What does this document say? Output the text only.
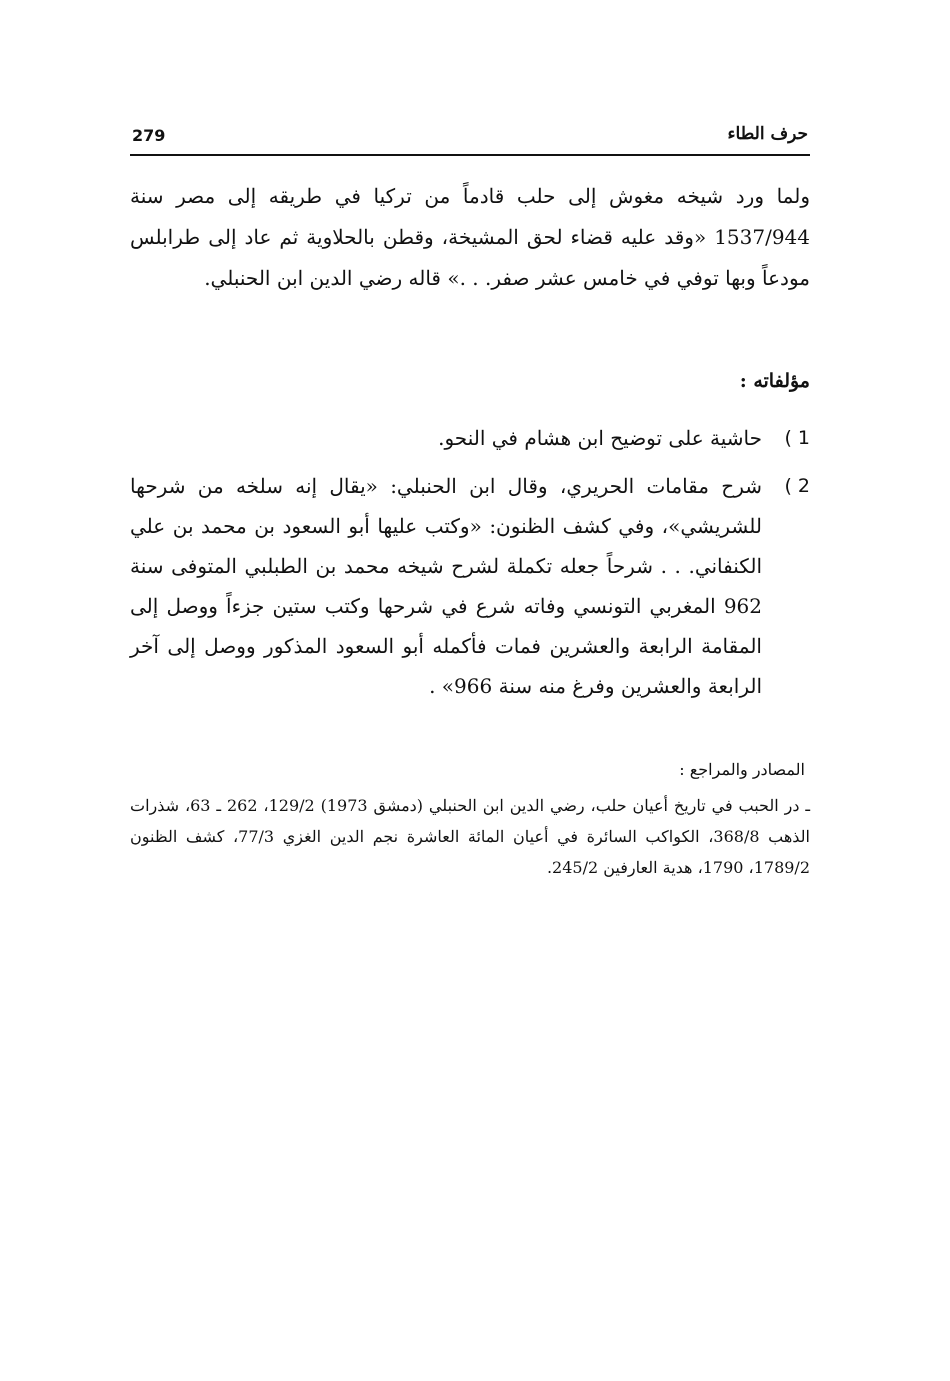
279	حرف الطاء

ولما ورد شيخه مغوش إلى حلب قادماً من تركيا في طريقه إلى مصر سنة 1537/944 «وقد عليه قضاء لحق المشيخة، وقطن بالحلاوية ثم عاد إلى طرابلس مودعاً وبها توفي في خامس عشر صفر. . .» قاله رضي الدين ابن الحنبلي.

مؤلفاته :
1 )
حاشية على توضيح ابن هشام في النحو.
2 )
شرح مقامات الحريري، وقال ابن الحنبلي: «يقال إنه سلخه من شرحها للشريشي»، وفي كشف الظنون: «وكتب عليها أبو السعود بن محمد بن علي الكنفاني. . . شرحاً جعله تكملة لشرح شيخه محمد بن الطبلبي المتوفى سنة 962 المغربي التونسي وفاته شرع في شرحها وكتب ستين جزءاً ووصل إلى المقامة الرابعة والعشرين فمات فأكمله أبو السعود المذكور ووصل إلى آخر الرابعة والعشرين وفرغ منه سنة 966» .
المصادر والمراجع :

ـ در الحبب في تاريخ أعيان حلب، رضي الدين ابن الحنبلي (دمشق 1973) 129/2، 262 ـ 63، شذرات الذهب 368/8، الكواكب السائرة في أعيان المائة العاشرة نجم الدين الغزي 77/3، كشف الظنون 1789/2، 1790، هدية العارفين 245/2.
